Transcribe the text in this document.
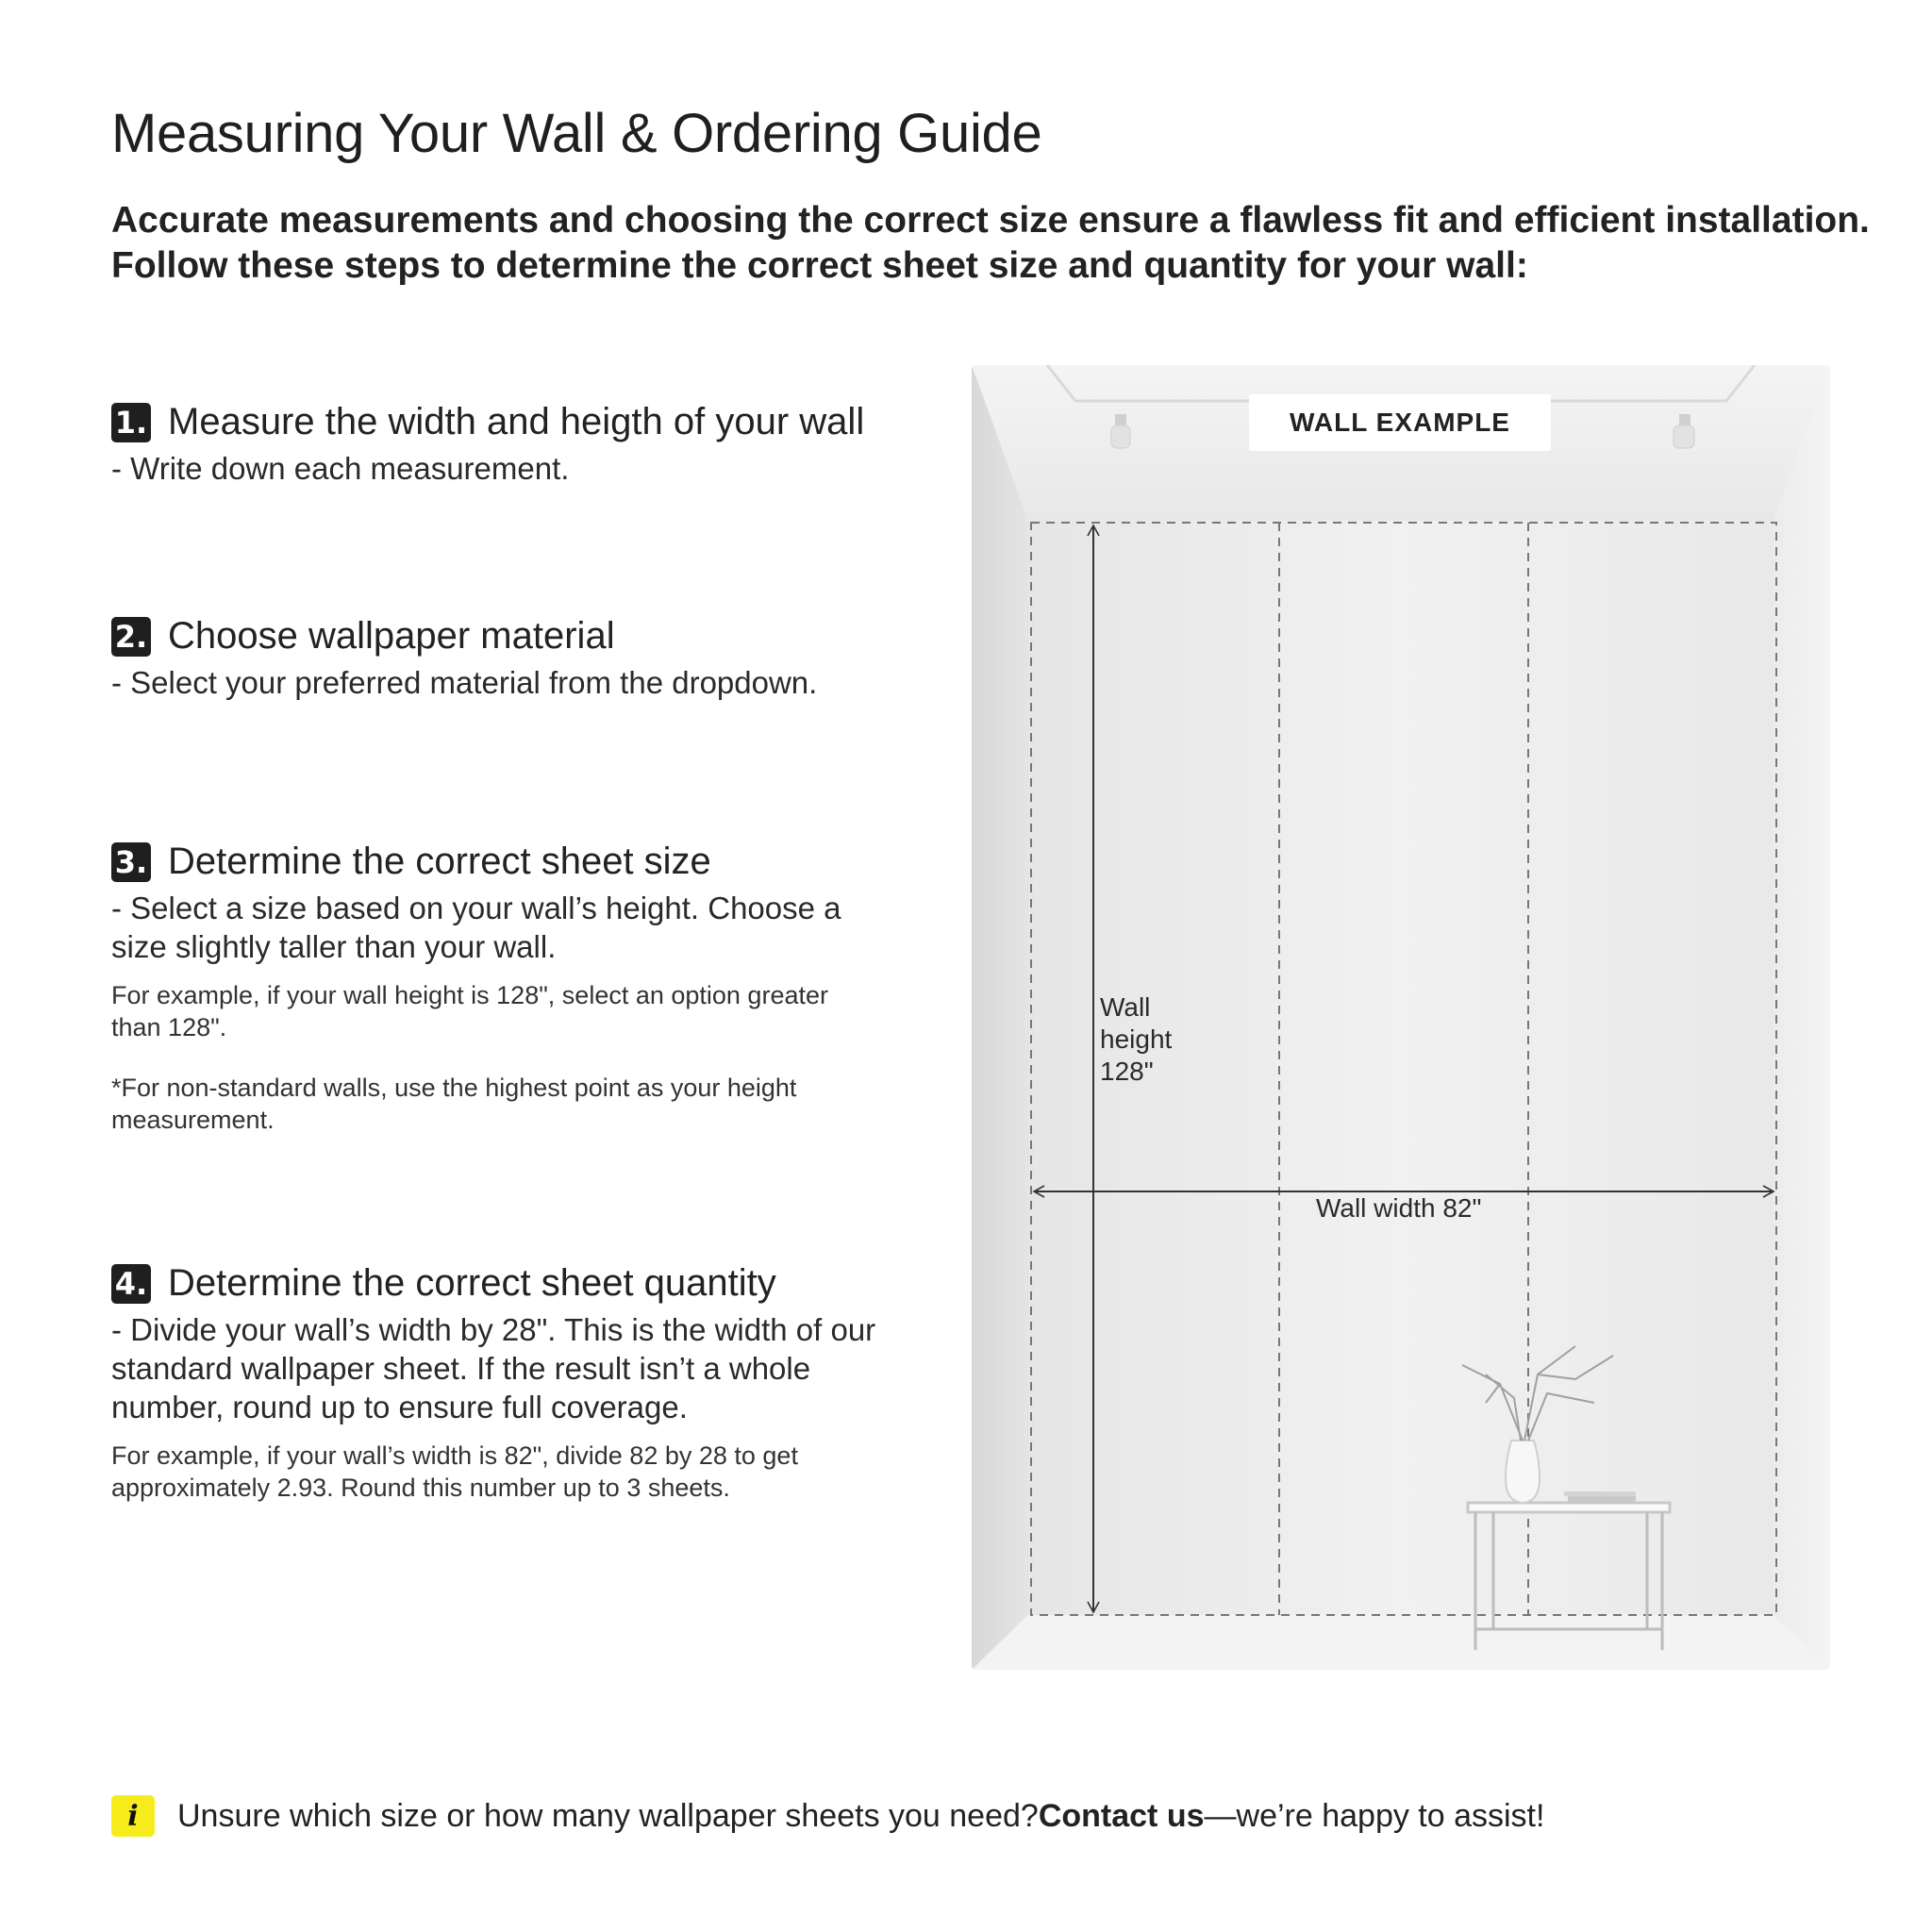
Measuring Your Wall & Ordering Guide
Accurate measurements and choosing the correct size ensure a flawless fit and efficient installation.
Follow these steps to determine the correct sheet size and quantity for your wall:
1. Measure the width and heigth of your wall
- Write down each measurement.
2. Choose wallpaper material
- Select your preferred material from the dropdown.
3. Determine the correct sheet size
- Select a size based on your wall’s height. Choose a
size slightly taller than your wall.
For example, if your wall height is 128", select an option greater
than 128".
*For non-standard walls, use the highest point as your height
measurement.
4. Determine the correct sheet quantity
- Divide your wall’s width by 28". This is the width of our
standard wallpaper sheet. If the result isn’t a whole
number, round up to ensure full coverage.
For example, if your wall’s width is 82", divide 82 by 28 to get
approximately 2.93. Round this number up to 3 sheets.
WALL EXAMPLE
Wall
height
128"
Wall width 82"
i	Unsure which size or how many wallpaper sheets you need? Contact us —we’re happy to assist!
